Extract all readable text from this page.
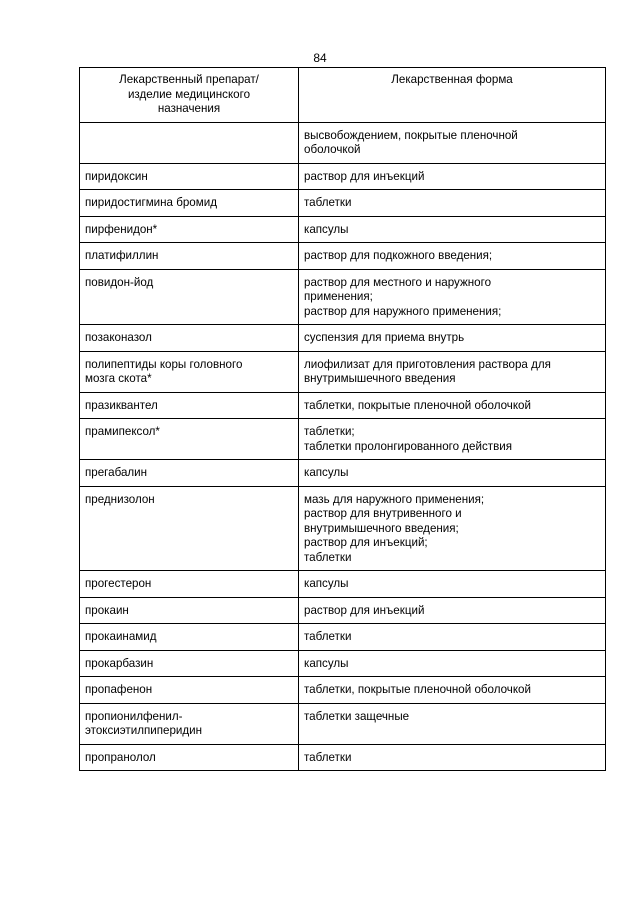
84
Лекарственный препарат/
изделие медицинского
назначения	Лекарственная форма

	высвобождением, покрытые пленочной
оболочкой

пиридоксин	раствор для инъекций

пиридостигмина бромид	таблетки

пирфенидон*	капсулы

платифиллин	раствор для подкожного введения;

повидон-йод	раствор для местного и наружного
применения;
раствор для наружного применения;

позаконазол	суспензия для приема внутрь

полипептиды коры головного
мозга скота*	лиофилизат для приготовления раствора для
внутримышечного введения

празиквантел	таблетки, покрытые пленочной оболочкой

прамипексол*	таблетки;
таблетки пролонгированного действия

прегабалин	капсулы

преднизолон	мазь для наружного применения;
раствор для внутривенного и
внутримышечного введения;
раствор для инъекций;
таблетки

прогестерон	капсулы

прокаин	раствор для инъекций

прокаинамид	таблетки

прокарбазин	капсулы

пропафенон	таблетки, покрытые пленочной оболочкой

пропионилфенил-
этоксиэтилпиперидин	таблетки защечные

пропранолол	таблетки
